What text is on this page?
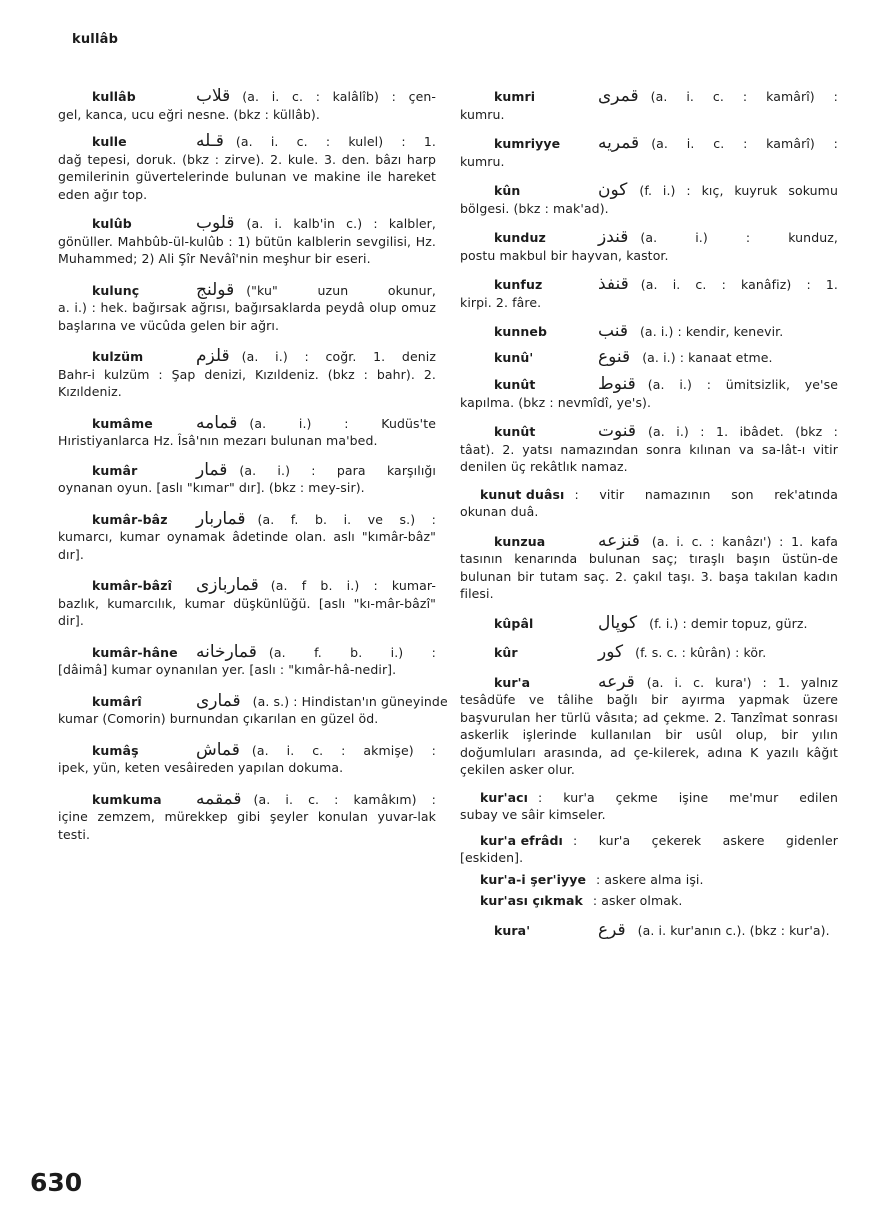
kullâb
kullâb	قلاب (a. i. c. : kalâlîb) : çen-
gel, kanca, ucu eğri nesne. (bkz : küllâb).
kulle	قـله (a. i. c. : kulel) : 1.
dağ tepesi, doruk. (bkz : zirve). 2. kule. 3. den. bâzı harp gemilerinin güvertelerinde bulunan ve makine ile hareket eden ağır top.
kulûb	قلوب (a. i. kalb'in c.) : kalbler,
gönüller. Mahbûb-ül-kulûb : 1) bütün kalblerin sevgilisi, Hz. Muhammed; 2) Ali Şîr Nevâî'nin meşhur bir eseri.
kulunç	قولنج ("ku" uzun okunur,
a. i.) : hek. bağırsak ağrısı, bağırsaklarda peydâ olup omuz başlarına ve vücûda gelen bir ağrı.
kulzüm	قلزم (a. i.) : coğr. 1. deniz
Bahr-i kulzüm : Şap denizi, Kızıldeniz. (bkz : bahr). 2. Kızıldeniz.
kumâme	قمامه (a. i.) : Kudüs'te
Hıristiyanlarca Hz. Îsâ'nın mezarı bulunan ma'bed.
kumâr	قمار (a. i.) : para karşılığı
oynanan oyun. [aslı "kımar" dır]. (bkz : mey-sir).
kumâr-bâz	قماربار (a. f. b. i. ve s.) :
kumarcı, kumar oynamak âdetinde olan. aslı "kımâr-bâz" dır].
kumâr-bâzî	قماربازى (a. f b. i.) : kumar-
bazlık, kumarcılık, kumar düşkünlüğü. [aslı "kı-mâr-bâzî" dir].
kumâr-hâne	قمارخانه (a. f. b. i.) :
[dâimâ] kumar oynanılan yer. [aslı : "kımâr-hâ-nedir].
kumârî	قماری (a. s.) : Hindistan'ın güneyinde
kumar (Comorin) burnundan çıkarılan en güzel öd.
kumâş	قماش (a. i. c. : akmişe) :
ipek, yün, keten vesâireden yapılan dokuma.
kumkuma	قمقمه (a. i. c. : kamâkım) :
içine zemzem, mürekkep gibi şeyler konulan yuvar-lak testi.
kumri	قمرى (a. i. c. : kamârî) :
kumru.
kumriyye	قمريه (a. i. c. : kamârî) :
kumru.
kûn	كون (f. i.) : kıç, kuyruk sokumu
bölgesi. (bkz : mak'ad).
kunduz	قندز (a. i.) : kunduz,
postu makbul bir hayvan, kastor.
kunfuz	قنفذ (a. i. c. : kanâfiz) : 1.
kirpi. 2. fâre.
kunneb	قنب (a. i.) : kendir, kenevir.
kunû'	قنوع (a. i.) : kanaat etme.
kunût	قنوط (a. i.) : ümitsizlik, ye'se
kapılma. (bkz : nevmîdî, ye's).
kunût	قنوت (a. i.) : 1. ibâdet. (bkz :
tâat). 2. yatsı namazından sonra kılınan va sa-lât-ı vitir denilen üç rekâtlık namaz.
kunut duâsı : vitir namazının son rek'atında
okunan duâ.
kunzua	قنزعه (a. i. c. : kanâzı') : 1. kafa
tasının kenarında bulunan saç; tıraşlı başın üstün-de bulunan bir tutam saç. 2. çakıl taşı. 3. başa takılan kadın filesi.
kûpâl	كوپال (f. i.) : demir topuz, gürz.
kûr	كور (f. s. c. : kûrân) : kör.
kur'a	قرعه (a. i. c. kura') : 1. yalnız
tesâdüfe ve tâlihe bağlı bir ayırma yapmak üzere başvurulan her türlü vâsıta; ad çekme. 2. Tanzîmat sonrası askerlik işlerinde kullanılan bir usûl olup, bir yılın doğumluları arasında, ad çe-kilerek, adına K yazılı kâğıt çekilen asker olur.
kur'acı : kur'a çekme işine me'mur edilen
subay ve sâir kimseler.
kur'a efrâdı : kur'a çekerek askere gidenler
[eskiden].
kur'a-i şer'iyye : askere alma işi.
kur'ası çıkmak : asker olmak.
kura'	قرع (a. i. kur'anın c.). (bkz : kur'a).
630
